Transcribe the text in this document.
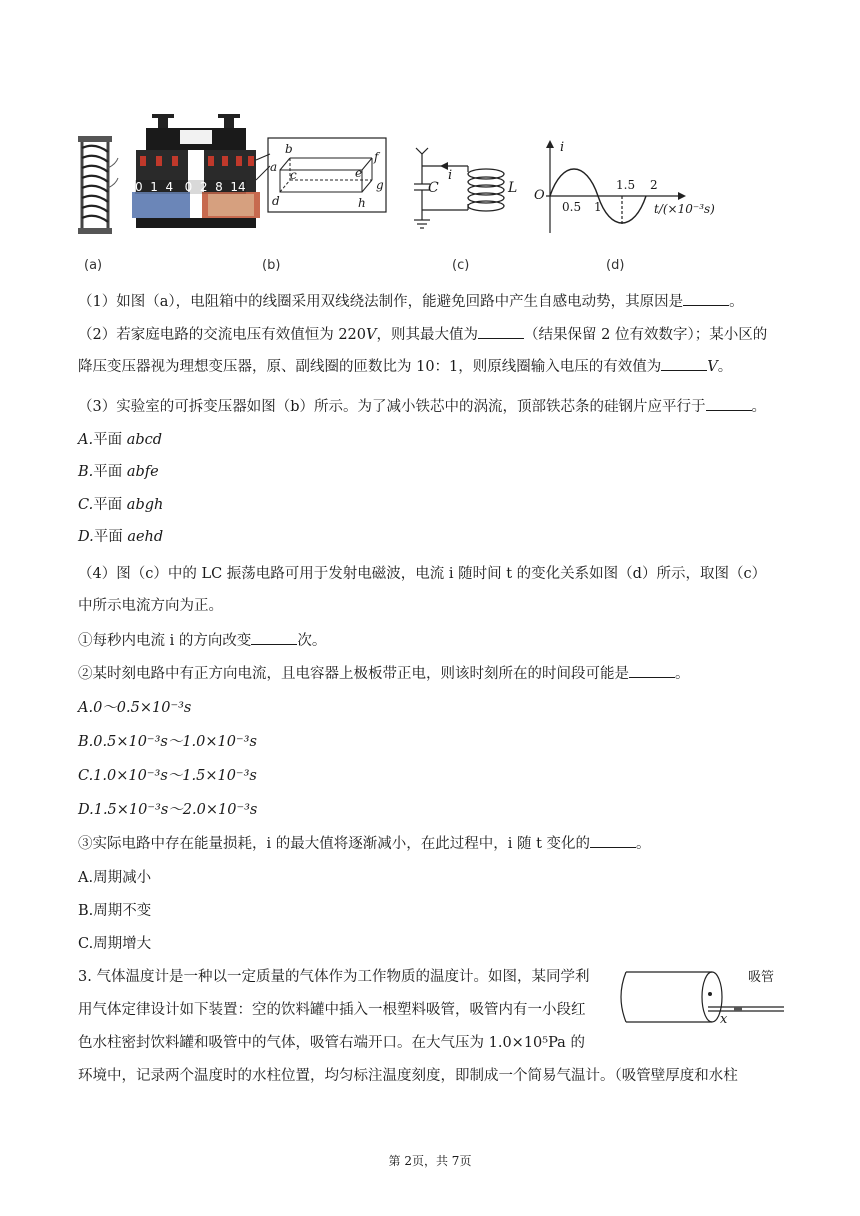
(a)
0  1  4   0  2  8  14
b
a
c
d
e
f
g
h
(b)
i
C	L
(c)
i
O
0.5 1
1.5 2
t/(×10⁻³s)
(d)
（1）如图（a），电阻箱中的线圈采用双线绕法制作，能避免回路中产生自感电动势，其原因是	。
（2）若家庭电路的交流电压有效值恒为 220V，则其最大值为	（结果保留 2 位有效数字）；某小区的
降压变压器视为理想变压器，原、副线圈的匝数比为 10：1，则原线圈输入电压的有效值为	V。
（3）实验室的可拆变压器如图（b）所示。为了减小铁芯中的涡流，顶部铁芯条的硅钢片应平行于	。
A.平面 abcd
B.平面 abfe
C.平面 abgh
D.平面 aehd
（4）图（c）中的 LC 振荡电路可用于发射电磁波，电流 i 随时间 t 的变化关系如图（d）所示，取图（c）
中所示电流方向为正。
①每秒内电流 i 的方向改变	次。
②某时刻电路中有正方向电流，且电容器上极板带正电，则该时刻所在的时间段可能是	。
A.0～0.5×10⁻³s
B.0.5×10⁻³s～1.0×10⁻³s
C.1.0×10⁻³s～1.5×10⁻³s
D.1.5×10⁻³s～2.0×10⁻³s
③实际电路中存在能量损耗，i 的最大值将逐渐减小，在此过程中，i 随 t 变化的	。
A.周期减小
B.周期不变
C.周期增大
3. 气体温度计是一种以一定质量的气体作为工作物质的温度计。如图，某同学利
用气体定律设计如下装置：空的饮料罐中插入一根塑料吸管，吸管内有一小段红
色水柱密封饮料罐和吸管中的气体，吸管右端开口。在大气压为 1.0×10⁵Pa 的
环境中，记录两个温度时的水柱位置，均匀标注温度刻度，即制成一个简易气温计。（吸管壁厚度和水柱
吸管
x
第 2页，共 7页
